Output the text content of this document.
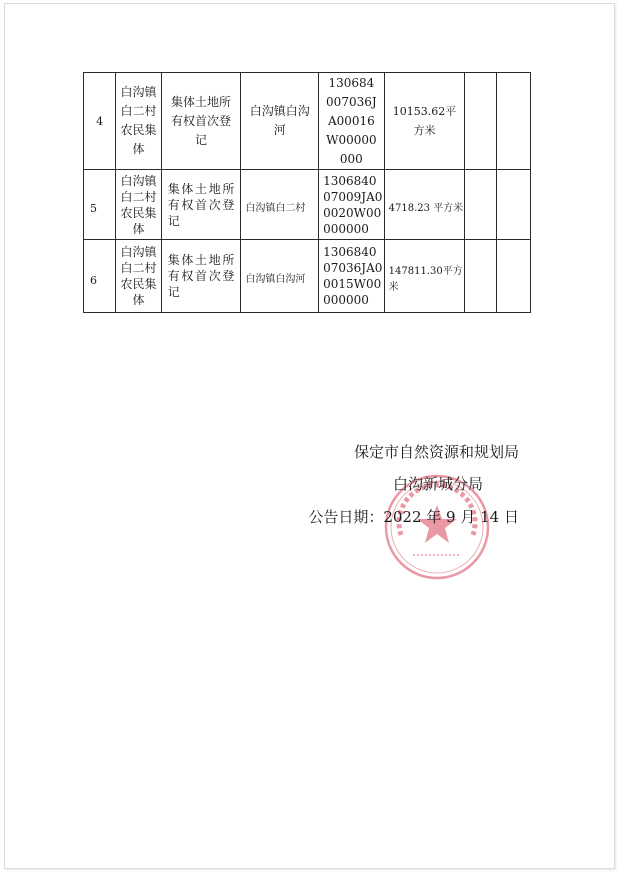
4	白沟镇白二村农民集体	集体土地所有权首次登记	白沟镇白沟河	130684007036JA00016W00000000	10153.62平方米		
5	白沟镇白二村农民集体	集体土地所有权首次登记	白沟镇白二村	130684007009JA00020W00000000	4718.23 平方米		
6	白沟镇白二村农民集体	集体土地所有权首次登记	白沟镇白沟河	130684007036JA00015W00000000	147811.30平方米		
保定市自然资源和规划局
白沟新城分局
公告日期：2022 年 9 月 14 日
